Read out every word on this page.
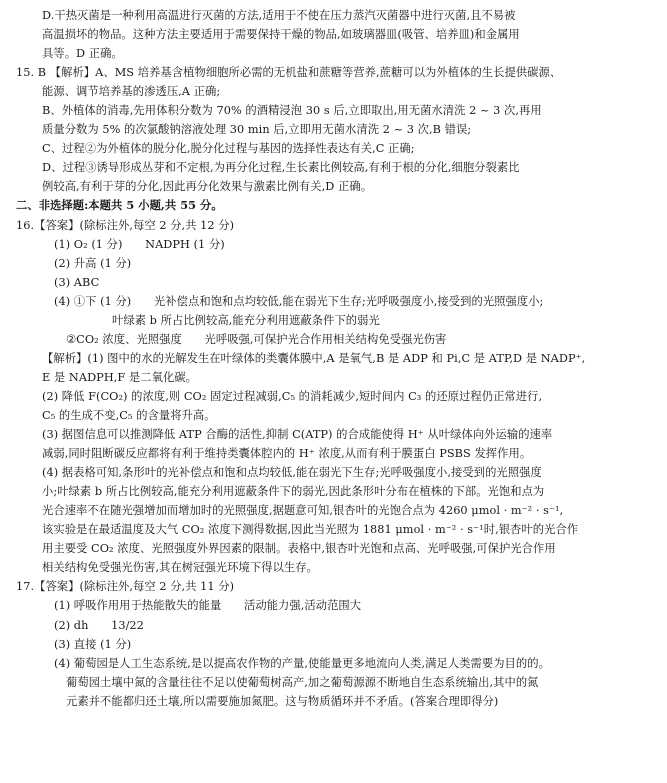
D.干热灭菌是一种利用高温进行灭菌的方法,适用于不使在压力蒸汽灭菌器中进行灭菌,且不易被
高温损坏的物品。这种方法主要适用于需要保持干燥的物品,如玻璃器皿(吸管、培养皿)和金属用
具等。D 正确。
15. B 【解析】A、MS 培养基含植物细胞所必需的无机盐和蔗糖等营养,蔗糖可以为外植体的生长提供碳源、
能源、调节培养基的渗透压,A 正确;
B、外植体的消毒,先用体积分数为 70% 的酒精浸泡 30 s 后,立即取出,用无菌水清洗 2 ~ 3 次,再用
质量分数为 5% 的次氯酸钠溶液处理 30 min 后,立即用无菌水清洗 2 ~ 3 次,B 错误;
C、过程②为外植体的脱分化,脱分化过程与基因的选择性表达有关,C 正确;
D、过程③诱导形成丛芽和不定根,为再分化过程,生长素比例较高,有利于根的分化,细胞分裂素比
例较高,有利于芽的分化,因此再分化效果与激素比例有关,D 正确。
二、非选择题:本题共 5 小题,共 55 分。
16.【答案】(除标注外,每空 2 分,共 12 分)
(1) O₂ (1 分)　　NADPH (1 分)
(2) 升高 (1 分)
(3) ABC
(4) ①下 (1 分)　　光补偿点和饱和点均较低,能在弱光下生存;光呼吸强度小,接受到的光照强度小;
叶绿素 b 所占比例较高,能充分利用遮蔽条件下的弱光
②CO₂ 浓度、光照强度　　光呼吸强,可保护光合作用相关结构免受强光伤害
【解析】(1) 图中的水的光解发生在叶绿体的类囊体膜中,A 是氧气,B 是 ADP 和 Pi,C 是 ATP,D 是 NADP⁺,
E 是 NADPH,F 是二氧化碳。
(2) 降低 F(CO₂) 的浓度,则 CO₂ 固定过程减弱,C₅ 的消耗减少,短时间内 C₃ 的还原过程仍正常进行,
C₅ 的生成不变,C₅ 的含量将升高。
(3) 据图信息可以推测降低 ATP 合酶的活性,抑制 C(ATP) 的合成能使得 H⁺ 从叶绿体向外运输的速率
减弱,同时阻断碳反应都将有利于维持类囊体腔内的 H⁺ 浓度,从而有利于膜蛋白 PSBS 发挥作用。
(4) 据表格可知,条形叶的光补偿点和饱和点均较低,能在弱光下生存;光呼吸强度小,接受到的光照强度
小;叶绿素 b 所占比例较高,能充分利用遮蔽条件下的弱光,因此条形叶分布在植株的下部。光饱和点为
光合速率不在随光强增加而增加时的光照强度,据题意可知,银杏叶的光饱合点为 4260 μmol · m⁻² · s⁻¹,
该实验是在最适温度及大气 CO₂ 浓度下测得数据,因此当光照为 1881 μmol · m⁻² · s⁻¹时,银杏叶的光合作
用主要受 CO₂ 浓度、光照强度外界因素的限制。表格中,银杏叶光饱和点高、光呼吸强,可保护光合作用
相关结构免受强光伤害,其在树冠强光环境下得以生存。
17.【答案】(除标注外,每空 2 分,共 11 分)
(1) 呼吸作用用于热能散失的能量　　活动能力强,活动范围大
(2) dh　　13/22
(3) 直接 (1 分)
(4) 葡萄园是人工生态系统,是以提高农作物的产量,使能量更多地流向人类,满足人类需要为目的的。
葡萄园土壤中氮的含量往往不足以使葡萄树高产,加之葡萄源源不断地自生态系统输出,其中的氮
元素并不能都归还土壤,所以需要施加氮肥。这与物质循环并不矛盾。(答案合理即得分)
